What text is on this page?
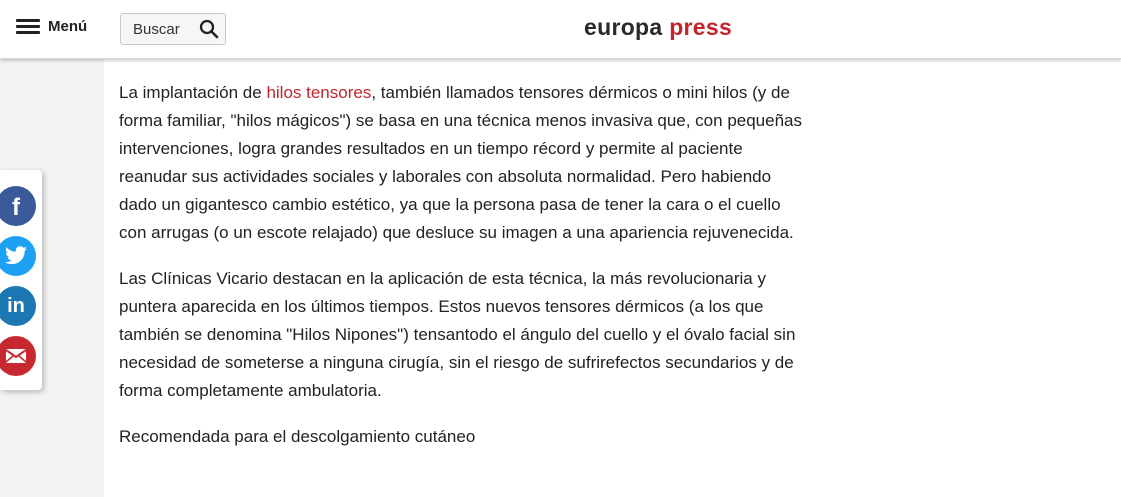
Menú
Buscar	europa press
f
in

La implantación de hilos tensores, también llamados tensores dérmicos o mini hilos (y de forma familiar, "hilos mágicos") se basa en una técnica menos invasiva que, con pequeñas intervenciones, logra grandes resultados en un tiempo récord y permite al paciente reanudar sus actividades sociales y laborales con absoluta normalidad. Pero habiendo dado un gigantesco cambio estético, ya que la persona pasa de tener la cara o el cuello con arrugas (o un escote relajado) que desluce su imagen a una apariencia rejuvenecida.

Las Clínicas Vicario destacan en la aplicación de esta técnica, la más revolucionaria y puntera aparecida en los últimos tiempos. Estos nuevos tensores dérmicos (a los que también se denomina "Hilos Nipones") tensantodo el ángulo del cuello y el óvalo facial sin necesidad de someterse a ninguna cirugía, sin el riesgo de sufrirefectos secundarios y de forma completamente ambulatoria.

Recomendada para el descolgamiento cutáneo
